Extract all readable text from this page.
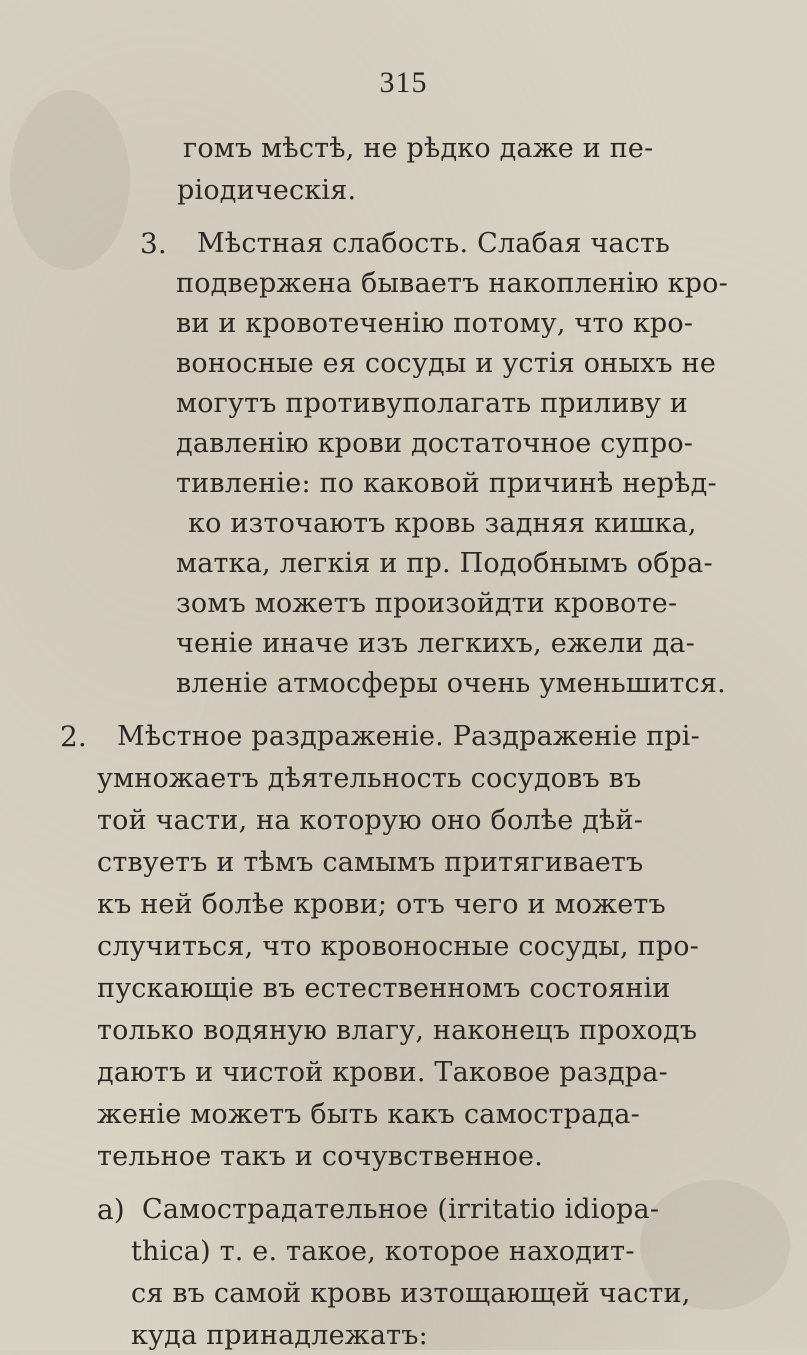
315
гомъ мѣстѣ, не рѣдко даже и пе-
ріодическія.
3. Мѣстная слабость. Слабая часть
подвержена бываетъ накопленію кро-
ви и кровотеченію потому, что кро-
воносные ея сосуды и устія оныхъ не
могутъ противуполагать приливу и
давленію крови достаточное супро-
тивленіе: по каковой причинѣ нерѣд-
ко източаютъ кровь задняя кишка,
матка, легкія и пр. Подобнымъ обра-
зомъ можетъ произойдти кровоте-
ченіе иначе изъ легкихъ, ежели да-
вленіе атмосферы очень уменьшится.
2. Мѣстное раздраженіе. Раздраженіе прі-
умножаетъ дѣятельность сосудовъ въ
той части, на которую оно болѣе дѣй-
ствуетъ и тѣмъ самымъ притягиваетъ
къ ней болѣе крови; отъ чего и можетъ
случиться, что кровоносные сосуды, про-
пускающіе въ естественномъ состояніи
только водяную влагу, наконецъ проходъ
даютъ и чистой крови. Таковое раздра-
женіе можетъ быть какъ самострада-
тельное такъ и сочувственное.
a) Самострадательное (irritatio idiopa-
thica) т. е. такое, которое находит-
ся въ самой кровь изтощающей части,
куда принадлежатъ:
